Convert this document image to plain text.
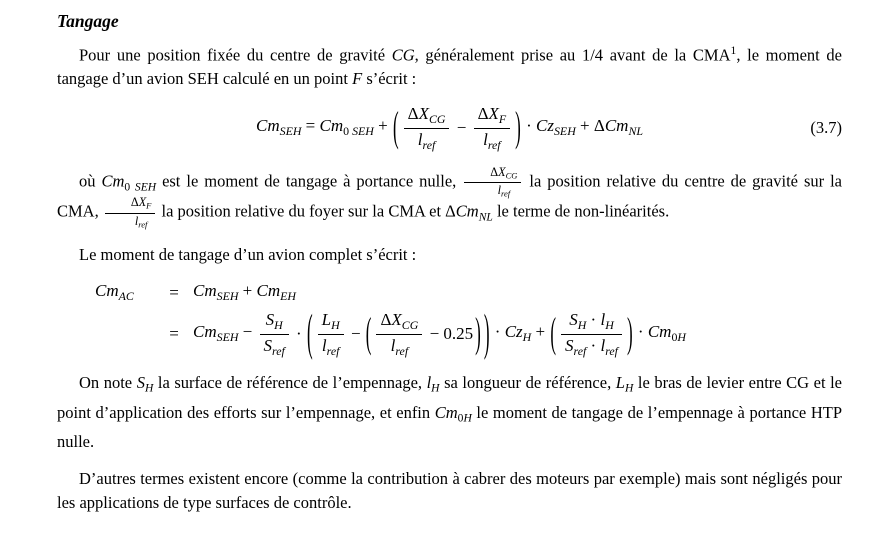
Tangage

Pour une position fixée du centre de gravité CG, généralement prise au 1/4 avant de la CMA$^1$, le moment de tangage d’un avion SEH calculé en un point F s’écrit :

$Cm_{SEH} = Cm_{0 SEH}$ + ( $\frac{\Delta X_{CG}}{l_{ref}} - \frac{\Delta X_F}{l_{ref}}$ ) · $Cz_{SEH} + \Delta Cm_{NL}$	(3.7)

où $Cm_{0 SEH}$ est le moment de tangage à portance nulle, $\frac{\Delta X_{CG}}{l_{ref}}$ la position relative du centre de gravité sur la CMA, $\frac{\Delta X_F}{l_{ref}}$ la position relative du foyer sur la CMA et ΔCm$_{NL}$ le terme de non-linéarités.

Le moment de tangage d’un avion complet s’écrit :

$Cm_{AC}$	= $Cm_{SEH} + Cm_{EH}$
= $Cm_{SEH} - \frac{S_H}{S_{ref}}$ · ( $\frac{L_H}{l_{ref}}$ − ( $\frac{\Delta X_{CG}}{l_{ref}} - 0.25$ ) ) · $Cz_H$ + ( $\frac{S_H \cdot l_H}{S_{ref} \cdot l_{ref}}$ ) · $Cm_{0H}$

On note $S_H$ la surface de référence de l’empennage, $l_H$ sa longueur de référence, $L_H$ le bras de levier entre CG et le point d’application des efforts sur l’empennage, et enfin $Cm_{0H}$ le moment de tangage de l’empennage à portance HTP nulle.

D’autres termes existent encore (comme la contribution à cabrer des moteurs par exemple) mais sont négligés pour les applications de type surfaces de contrôle.
